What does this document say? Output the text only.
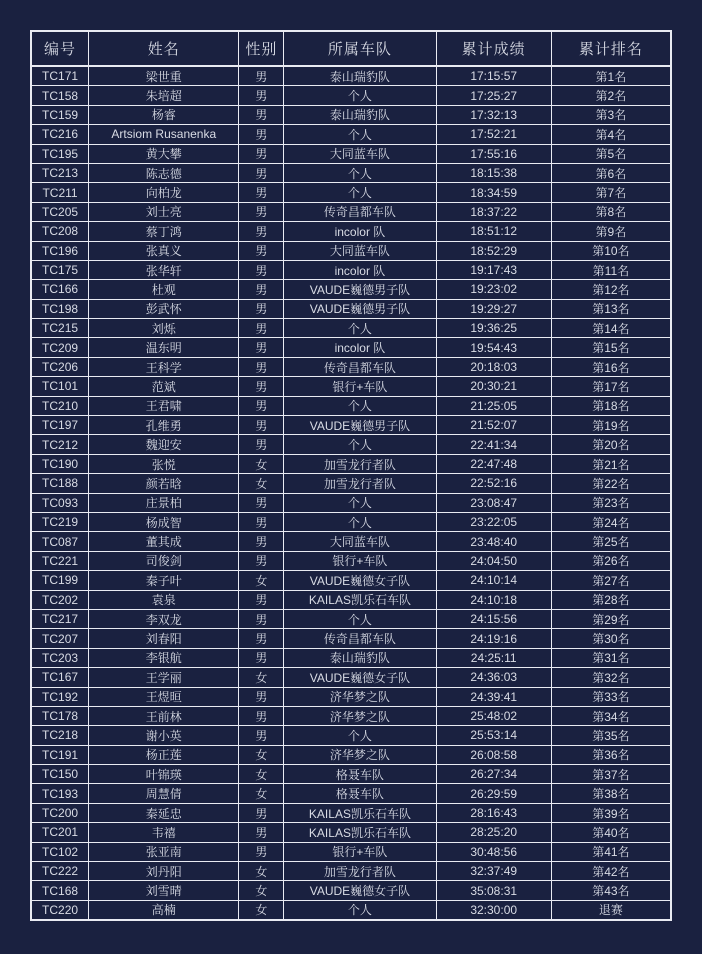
编号	姓名	性别	所属车队	累计成绩	累计排名
TC171	梁世重	男	泰山瑞豹队	17:15:57	第1名
TC158	朱培超	男	个人	17:25:27	第2名
TC159	杨睿	男	泰山瑞豹队	17:32:13	第3名
TC216	Artsiom Rusanenka	男	个人	17:52:21	第4名
TC195	黄大攀	男	大同蓝车队	17:55:16	第5名
TC213	陈志德	男	个人	18:15:38	第6名
TC211	向柏龙	男	个人	18:34:59	第7名
TC205	刘士亮	男	传奇昌都车队	18:37:22	第8名
TC208	蔡丁鸿	男	incolor 队	18:51:12	第9名
TC196	张真义	男	大同蓝车队	18:52:29	第10名
TC175	张华轩	男	incolor 队	19:17:43	第11名
TC166	杜观	男	VAUDE巍德男子队	19:23:02	第12名
TC198	彭武怀	男	VAUDE巍德男子队	19:29:27	第13名
TC215	刘烁	男	个人	19:36:25	第14名
TC209	温东明	男	incolor 队	19:54:43	第15名
TC206	王科学	男	传奇昌都车队	20:18:03	第16名
TC101	范斌	男	银行+车队	20:30:21	第17名
TC210	王君啸	男	个人	21:25:05	第18名
TC197	孔维勇	男	VAUDE巍德男子队	21:52:07	第19名
TC212	魏迎安	男	个人	22:41:34	第20名
TC190	张悦	女	加雪龙行者队	22:47:48	第21名
TC188	颜若晗	女	加雪龙行者队	22:52:16	第22名
TC093	庄景柏	男	个人	23:08:47	第23名
TC219	杨成智	男	个人	23:22:05	第24名
TC087	董其成	男	大同蓝车队	23:48:40	第25名
TC221	司俊剑	男	银行+车队	24:04:50	第26名
TC199	秦子叶	女	VAUDE巍德女子队	24:10:14	第27名
TC202	袁泉	男	KAILAS凯乐石车队	24:10:18	第28名
TC217	李双龙	男	个人	24:15:56	第29名
TC207	刘春阳	男	传奇昌都车队	24:19:16	第30名
TC203	李银航	男	泰山瑞豹队	24:25:11	第31名
TC167	王学丽	女	VAUDE巍德女子队	24:36:03	第32名
TC192	王煜晅	男	济华梦之队	24:39:41	第33名
TC178	王前林	男	济华梦之队	25:48:02	第34名
TC218	谢小英	男	个人	25:53:14	第35名
TC191	杨正莲	女	济华梦之队	26:08:58	第36名
TC150	叶锦瑛	女	格聂车队	26:27:34	第37名
TC193	周慧倩	女	格聂车队	26:29:59	第38名
TC200	秦延忠	男	KAILAS凯乐石车队	28:16:43	第39名
TC201	韦禧	男	KAILAS凯乐石车队	28:25:20	第40名
TC102	张亚南	男	银行+车队	30:48:56	第41名
TC222	刘丹阳	女	加雪龙行者队	32:37:49	第42名
TC168	刘雪晴	女	VAUDE巍德女子队	35:08:31	第43名
TC220	高楠	女	个人	32:30:00	退赛
